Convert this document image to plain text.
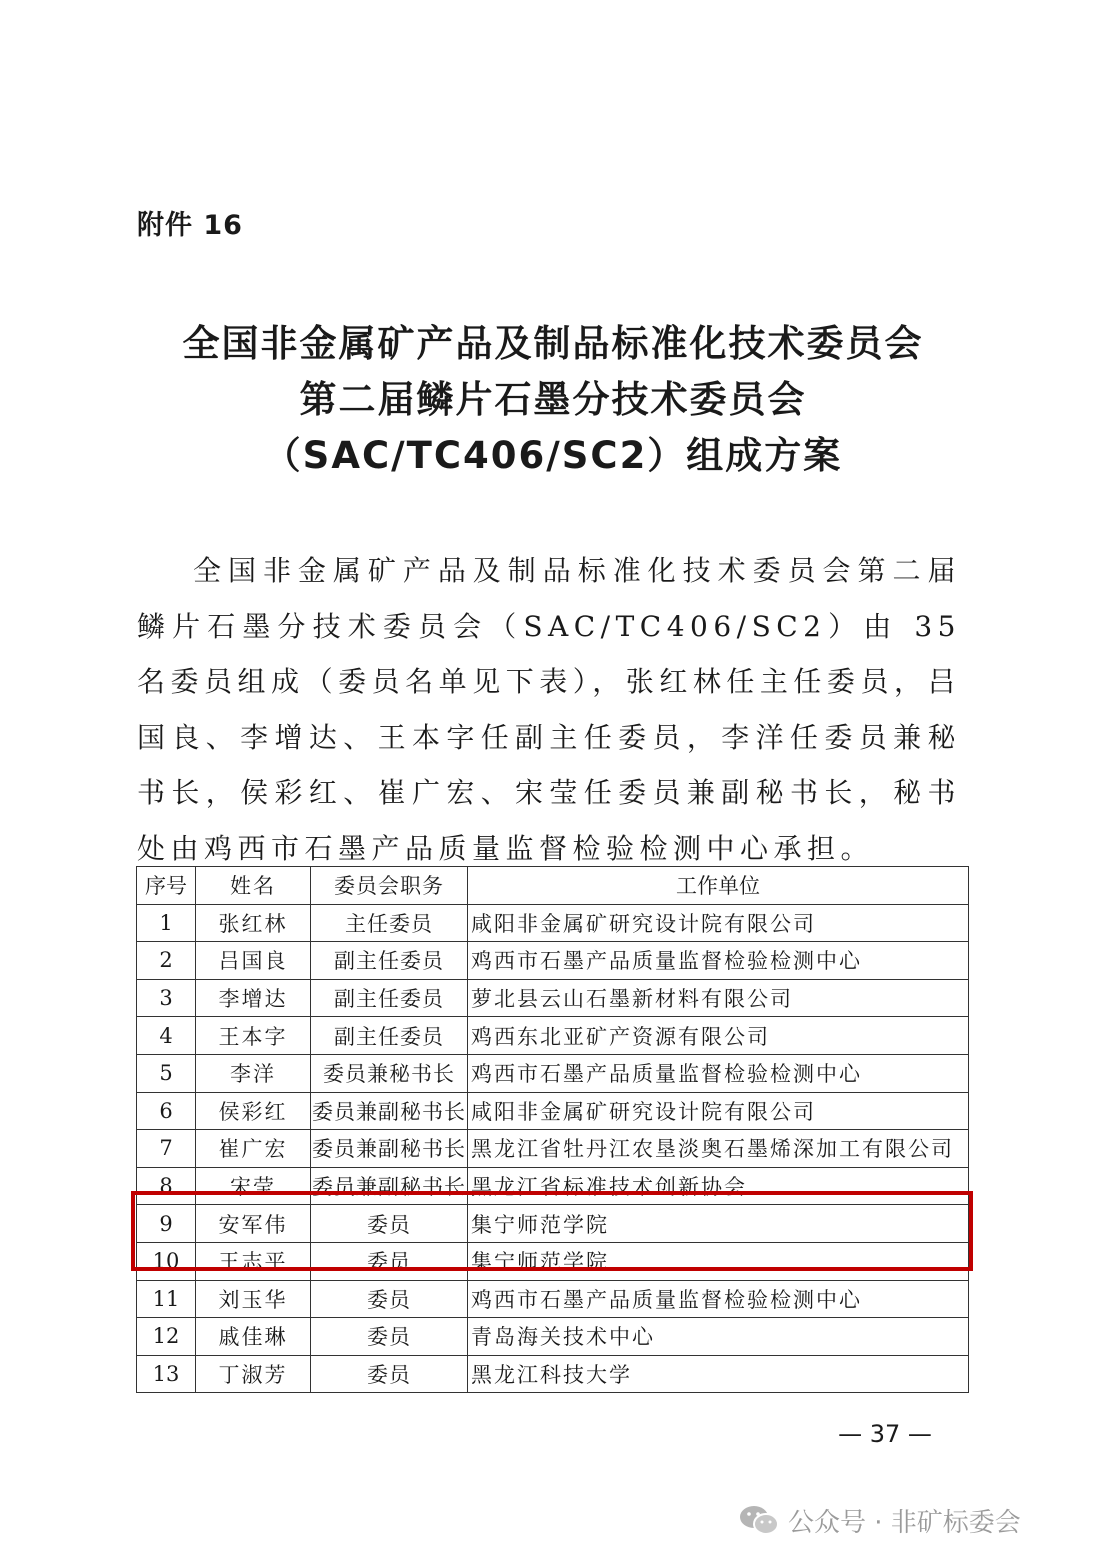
附件 16
全国非金属矿产品及制品标准化技术委员会
第二届鳞片石墨分技术委员会
（SAC/TC406/SC2）组成方案

全国非金属矿产品及制品标准化技术委员会第二届鳞片石墨分技术委员会（SAC/TC406/SC2）由 35 名委员组成（委员名单见下表），张红林任主任委员，吕国良、李增达、王本字任副主任委员，李洋任委员兼秘书长，侯彩红、崔广宏、宋莹任委员兼副秘书长，秘书处由鸡西市石墨产品质量监督检验检测中心承担。

序号	姓名	委员会职务	工作单位
1	张红林	主任委员	咸阳非金属矿研究设计院有限公司
2	吕国良	副主任委员	鸡西市石墨产品质量监督检验检测中心
3	李增达	副主任委员	萝北县云山石墨新材料有限公司
4	王本字	副主任委员	鸡西东北亚矿产资源有限公司
5	李洋	委员兼秘书长	鸡西市石墨产品质量监督检验检测中心
6	侯彩红	委员兼副秘书长	咸阳非金属矿研究设计院有限公司
7	崔广宏	委员兼副秘书长	黑龙江省牡丹江农垦淡奥石墨烯深加工有限公司
8	宋莹	委员兼副秘书长	黑龙江省标准技术创新协会
9	安军伟	委员	集宁师范学院
10	王志平	委员	集宁师范学院
11	刘玉华	委员	鸡西市石墨产品质量监督检验检测中心
12	戚佳琳	委员	青岛海关技术中心
13	丁淑芳	委员	黑龙江科技大学
— 37 —
公众号 · 非矿标委会
